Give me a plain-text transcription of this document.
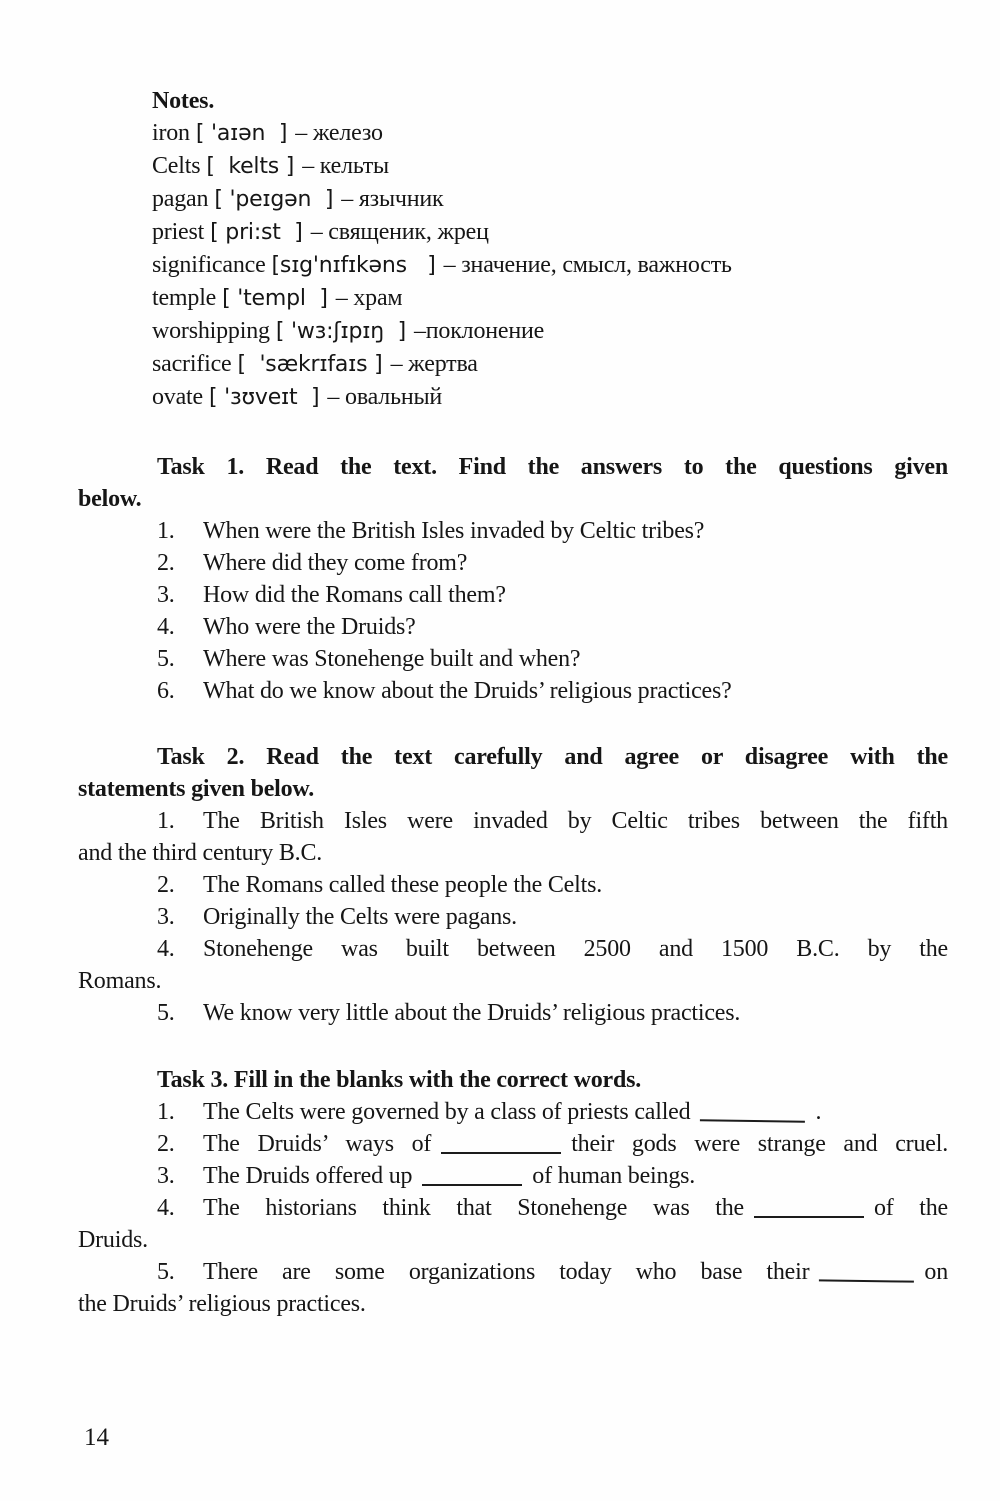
Notes.
iron [ 'aɪən  ] – железо
Celts [  kelts ] – кельты
pagan [ 'peɪgən  ] – язычник
priest [ pri:st  ] – священик, жрец
significance [sɪg'nɪfɪkəns   ] – значение, смысл, важность
temple [ 'templ  ] – храм
worshipping [ 'wɜ:ʃɪpɪŋ  ] –поклонение
sacrifice [  'sækrɪfaɪs ] – жертва
ovate [ 'ɜʊveɪt  ] – овальный
Task 1. Read the text. Find the answers to the questions given
below.
1. When were the British Isles invaded by Celtic tribes?
2. Where did they come from?
3. How did the Romans call them?
4. Who were the Druids?
5. Where was Stonehenge built and when?
6. What do we know about the Druids’ religious practices?
Task 2. Read the text carefully and agree or disagree with the
statements given below.
1. The British Isles were invaded by Celtic tribes between the fifth
and the third century B.C.
2. The Romans called these people the Celts.
3. Originally the Celts were pagans.
4. Stonehenge was built between 2500 and 1500 B.C. by the
Romans.
5. We know very little about the Druids’ religious practices.
Task 3. Fill in the blanks with the correct words.
1. The Celts were governed by a class of priests called	.
2. The Druids’ ways of	their gods were strange and cruel.
3. The Druids offered up	of human beings.
4. The historians think that Stonehenge was the	of the
Druids.
5. There are some organizations today who base their	on
the Druids’ religious practices.
14
